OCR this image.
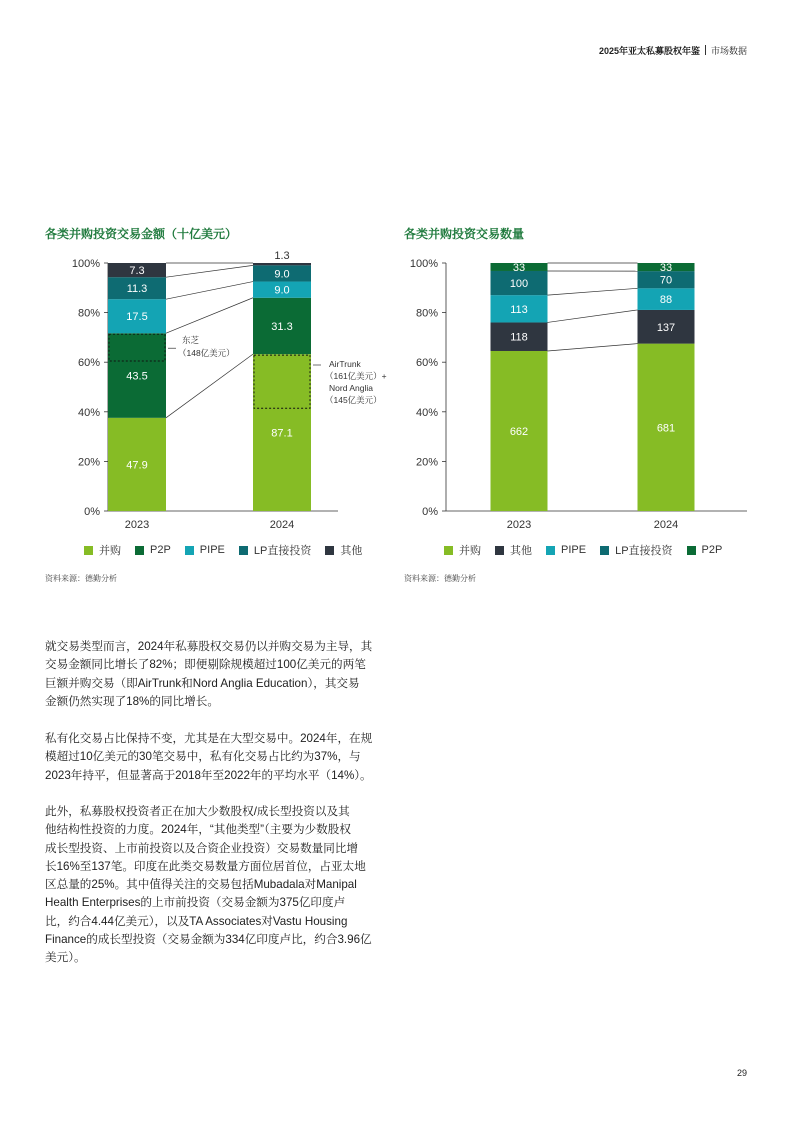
2025年亚太私募股权年鉴 市场数据
各类并购投资交易金额（十亿美元）
0%
20%
40%
60%
80%
100%
2023	2024
47.9
43.5
17.5
11.3
7.3
87.1
31.3
9.0
9.0
1.3
东芝
（148亿美元）
AirTrunk
（161亿美元）+
Nord Anglia
（145亿美元）
并购	P2P	PIPE	LP直接投资	其他
资料来源：德勤分析
各类并购投资交易数量
0%
20%
40%
60%
80%
100%
2023	2024
662
118
113
100
33
681
137
88
70
33
并购	其他	PIPE	LP直接投资	P2P
资料来源：德勤分析

就交易类型而言，2024年私募股权交易仍以并购交易为主导，其

交易金额同比增长了82%；即便剔除规模超过100亿美元的两笔

巨额并购交易（即AirTrunk和Nord Anglia Education），其交易

金额仍然实现了18%的同比增长。

私有化交易占比保持不变，尤其是在大型交易中。2024年，在规

模超过10亿美元的30笔交易中，私有化交易占比约为37%，与

2023年持平，但显著高于2018年至2022年的平均水平（14%）。

此外，私募股权投资者正在加大少数股权/成长型投资以及其

他结构性投资的力度。2024年，“其他类型”（主要为少数股权

成长型投资、上市前投资以及合资企业投资）交易数量同比增

长16%至137笔。印度在此类交易数量方面位居首位，占亚太地

区总量的25%。其中值得关注的交易包括Mubadala对Manipal

Health Enterprises的上市前投资（交易金额为375亿印度卢

比，约合4.44亿美元），以及TA Associates对Vastu Housing

Finance的成长型投资（交易金额为334亿印度卢比，约合3.96亿

美元）。

29
